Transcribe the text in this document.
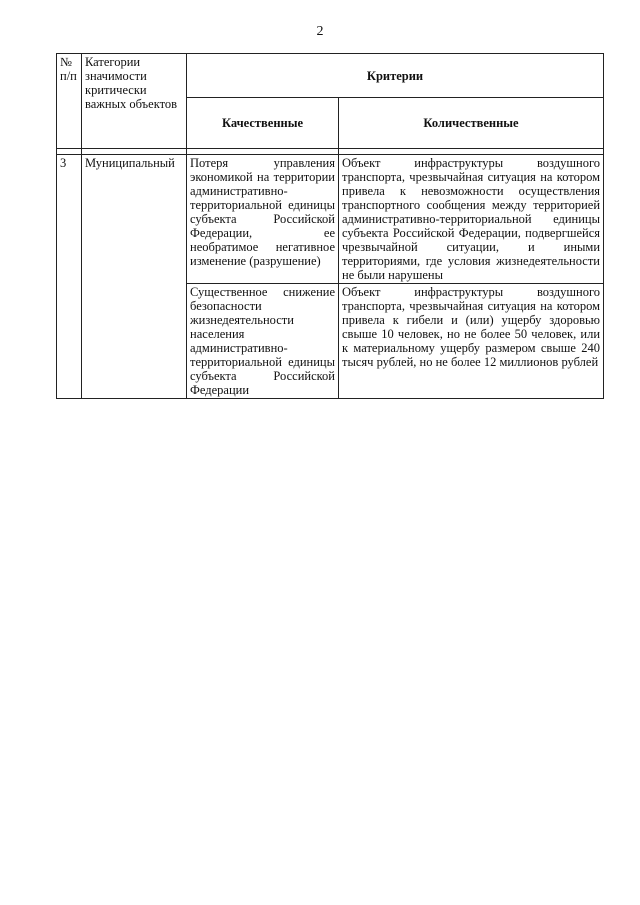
2
№ п/п	Категории значимости критически важных объектов	Критерии	
		Качественные	Количественные

3	Муниципальный	Потеря управления экономикой на территории административно-территориальной единицы субъекта Российской Федерации, ее необратимое негативное изменение (разрушение)	Объект инфраструктуры воздушного транспорта, чрезвычайная ситуация на котором привела к невозможности осуществления транспортного сообщения между территорией административно-территориальной единицы субъекта Российской Федерации, подвергшейся чрезвычайной ситуации, и иными территориями, где условия жизнедеятельности не были нарушены
		Существенное снижение безопасности жизнедеятельности населения административно-территориальной единицы субъекта Российской Федерации	Объект инфраструктуры воздушного транспорта, чрезвычайная ситуация на котором привела к гибели и (или) ущербу здоровью свыше 10 человек, но не более 50 человек, или к материальному ущербу размером свыше 240 тысяч рублей, но не более 12 миллионов рублей
